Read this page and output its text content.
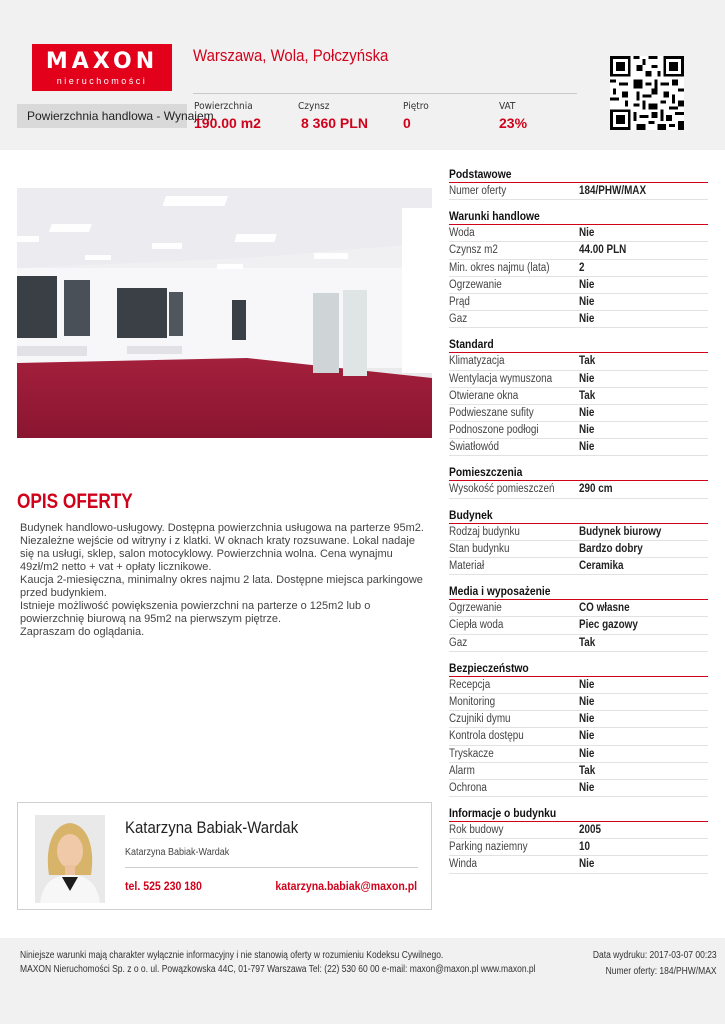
MAXON
nieruchomości
Warszawa, Wola, Połczyńska
Powierzchnia handlowa - Wynajem
Powierzchnia
190.00 m2
Czynsz
8 360 PLN
Piętro
0
VAT
23%
OPIS OFERTY
Budynek handlowo-usługowy. Dostępna powierzchnia usługowa na parterze 95m2. Niezależne wejście od witryny i z klatki. W oknach kraty rozsuwane. Lokal nadaje się na usługi, sklep, salon motocyklowy. Powierzchnia wolna. Cena wynajmu 49zł/m2 netto + vat + opłaty licznikowe.
Kaucja 2-miesięczna, minimalny okres najmu 2 lata. Dostępne miejsca parkingowe przed budynkiem.
Istnieje możliwość powiększenia powierzchni na parterze o 125m2 lub o powierzchnię biurową na 95m2 na pierwszym piętrze.
Zapraszam do oglądania.
Katarzyna Babiak-Wardak
Katarzyna Babiak-Wardak
tel. 525 230 180	katarzyna.babiak@maxon.pl
Podstawowe
Numer oferty	184/PHW/MAX
Warunki handlowe
Woda	Nie
Czynsz m2	44.00 PLN
Min. okres najmu (lata)	2
Ogrzewanie	Nie
Prąd	Nie
Gaz	Nie
Standard
Klimatyzacja	Tak
Wentylacja wymuszona	Nie
Otwierane okna	Tak
Podwieszane sufity	Nie
Podnoszone podłogi	Nie
Światłowód	Nie
Pomieszczenia
Wysokość pomieszczeń	290 cm
Budynek
Rodzaj budynku	Budynek biurowy
Stan budynku	Bardzo dobry
Materiał	Ceramika
Media i wyposażenie
Ogrzewanie	CO własne
Ciepła woda	Piec gazowy
Gaz	Tak
Bezpieczeństwo
Recepcja	Nie
Monitoring	Nie
Czujniki dymu	Nie
Kontrola dostępu	Nie
Tryskacze	Nie
Alarm	Tak
Ochrona	Nie
Informacje o budynku
Rok budowy	2005
Parking naziemny	10
Winda	Nie
Niniejsze warunki mają charakter wyłącznie informacyjny i nie stanowią oferty w rozumieniu Kodeksu Cywilnego.
MAXON Nieruchomości Sp. z o o. ul. Powązkowska 44C, 01-797 Warszawa Tel: (22) 530 60 00 e-mail: maxon@maxon.pl www.maxon.pl
Data wydruku: 2017-03-07 00:23
Numer oferty: 184/PHW/MAX
